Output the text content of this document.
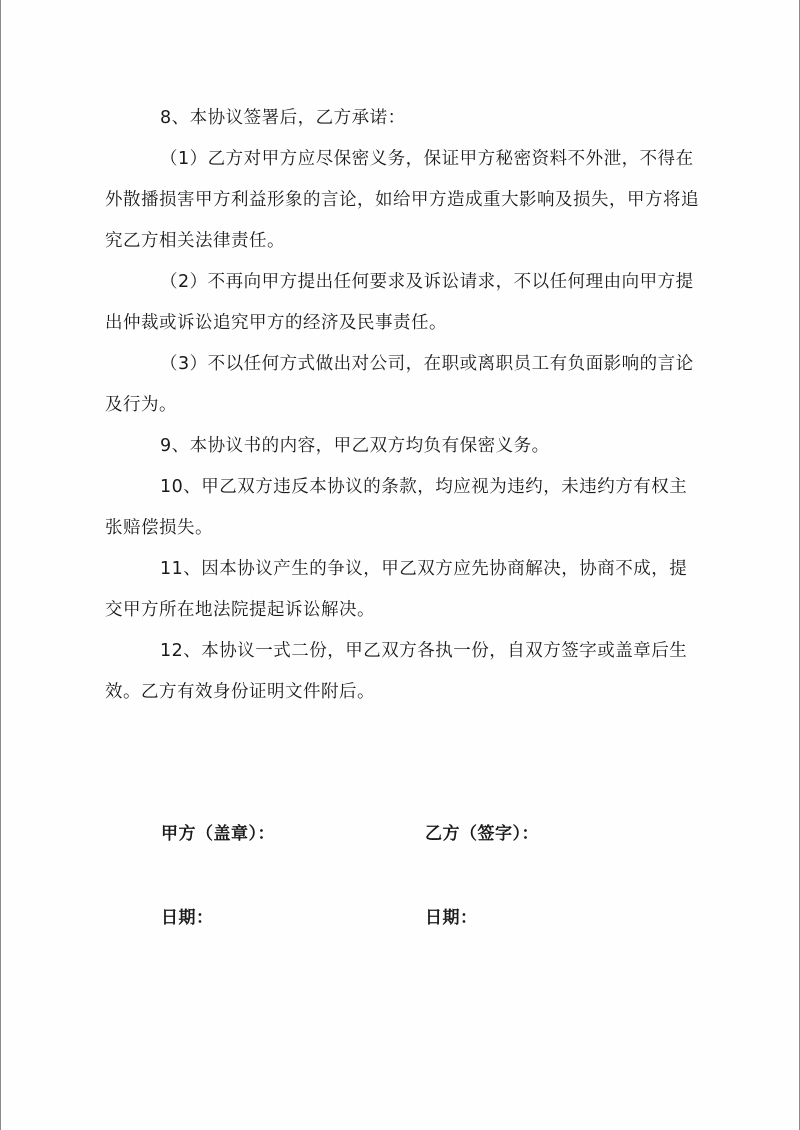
8、本协议签署后，乙方承诺：

（1）乙方对甲方应尽保密义务，保证甲方秘密资料不外泄，不得在外散播损害甲方利益形象的言论，如给甲方造成重大影响及损失，甲方将追究乙方相关法律责任。

（2）不再向甲方提出任何要求及诉讼请求，不以任何理由向甲方提出仲裁或诉讼追究甲方的经济及民事责任。

（3）不以任何方式做出对公司，在职或离职员工有负面影响的言论及行为。

9、本协议书的内容，甲乙双方均负有保密义务。

10、甲乙双方违反本协议的条款，均应视为违约，未违约方有权主张赔偿损失。

11、因本协议产生的争议，甲乙双方应先协商解决，协商不成，提交甲方所在地法院提起诉讼解决。

12、本协议一式二份，甲乙双方各执一份，自双方签字或盖章后生效。乙方有效身份证明文件附后。

甲方（盖章）：	乙方（签字）：
日期：	日期：
